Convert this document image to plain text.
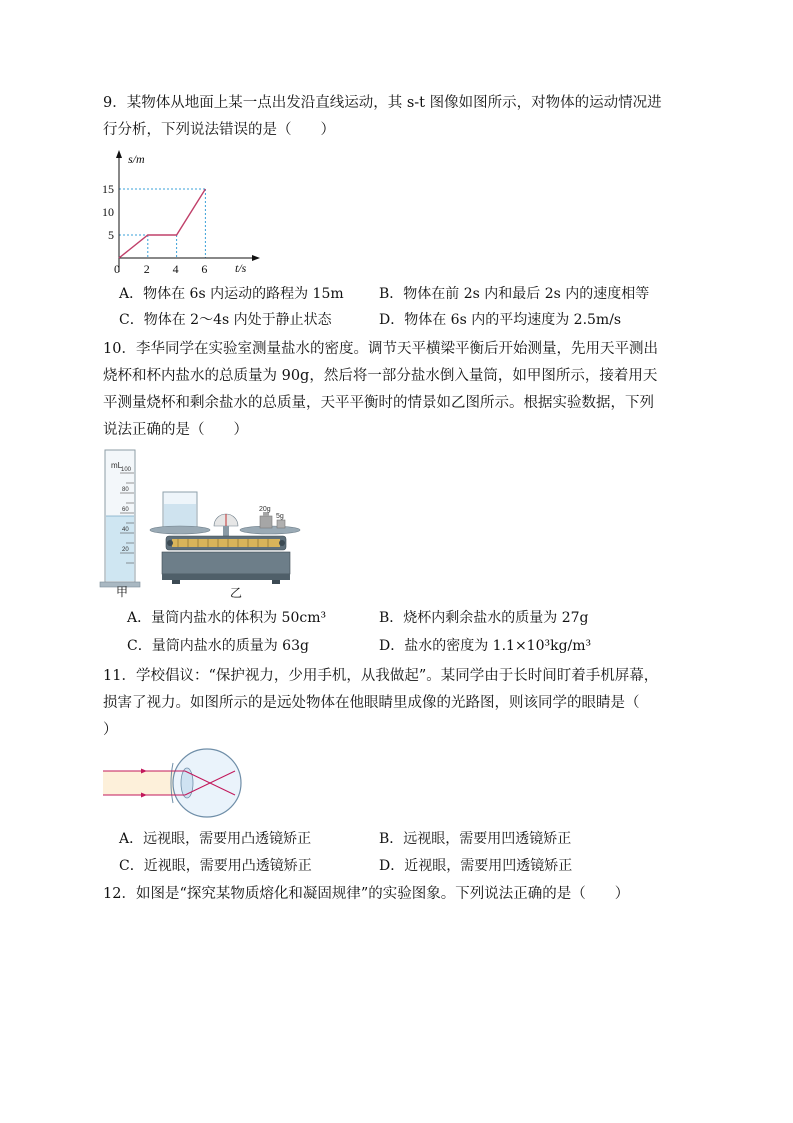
9．某物体从地面上某一点出发沿直线运动，其 s-t 图像如图所示，对物体的运动情况进
行分析，下列说法错误的是（　　）
s/m
t/s
0 2 4 6
5
10
15
A．物体在 6s 内运动的路程为 15m	B．物体在前 2s 内和最后 2s 内的速度相等
C．物体在 2～4s 内处于静止状态	D．物体在 6s 内的平均速度为 2.5m/s
10．李华同学在实验室测量盐水的密度。调节天平横梁平衡后开始测量，先用天平测出
烧杯和杯内盐水的总质量为 90g，然后将一部分盐水倒入量筒，如甲图所示，接着用天
平测量烧杯和剩余盐水的总质量，天平平衡时的情景如乙图所示。根据实验数据，下列
说法正确的是（　　）
mL
100
80
60
40
20
甲
20g
5g
乙
A．量筒内盐水的体积为 50cm³	B．烧杯内剩余盐水的质量为 27g
C．量筒内盐水的质量为 63g	D．盐水的密度为 1.1×10³kg/m³
11．学校倡议：“保护视力，少用手机，从我做起”。某同学由于长时间盯着手机屏幕，
损害了视力。如图所示的是远处物体在他眼睛里成像的光路图，则该同学的眼睛是（
）
A．远视眼，需要用凸透镜矫正	B．远视眼，需要用凹透镜矫正
C．近视眼，需要用凸透镜矫正	D．近视眼，需要用凹透镜矫正
12．如图是“探究某物质熔化和凝固规律”的实验图象。下列说法正确的是（　　）
